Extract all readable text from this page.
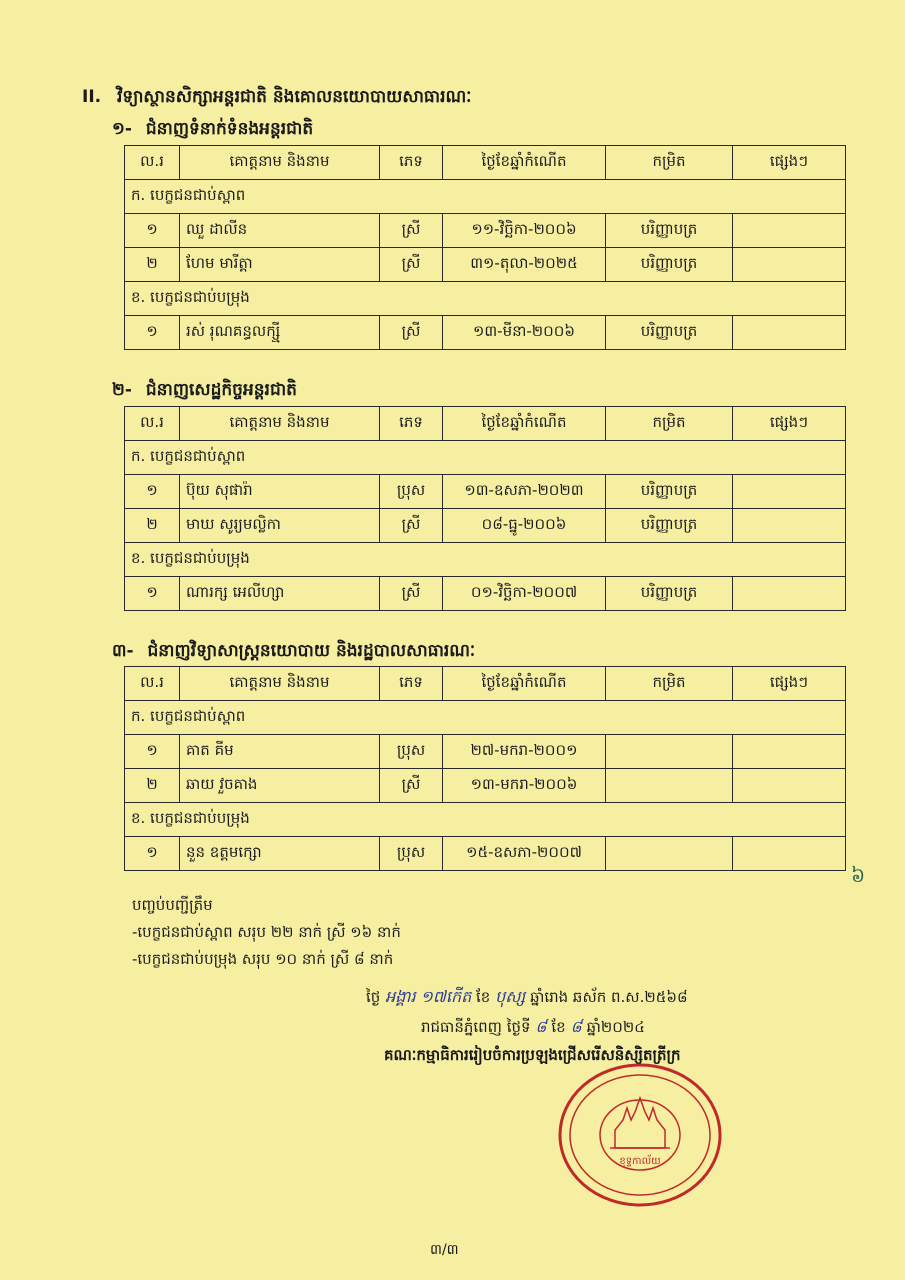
II. វិទ្យាស្ថានសិក្សាអន្តរជាតិ និងគោលនយោបាយសាធារណៈ
១- ជំនាញទំនាក់ទំនងអន្តរជាតិ
ល.រ	គោត្តនាម និងនាម	ភេទ	ថ្ងៃខែឆ្នាំកំណើត	កម្រិត	ផ្សេងៗ
ក. បេក្ខជនជាប់ស្ពាព					
១	ឈួ ដាលីន	ស្រី	១១-វិច្ឆិកា-២០០៦	បរិញ្ញាបត្រ	
២	ហែម មារីត្តា	ស្រី	៣១-តុលា-២០២៥	បរិញ្ញាបត្រ	
ខ. បេក្ខជនជាប់បម្រុង					
១	រស់ រុណគន្ធលក្ស្មី	ស្រី	១៣-មីនា-២០០៦	បរិញ្ញាបត្រ	
២- ជំនាញសេដ្ឋកិច្ចអន្តរជាតិ
ល.រ	គោត្តនាម និងនាម	ភេទ	ថ្ងៃខែឆ្នាំកំណើត	កម្រិត	ផ្សេងៗ
ក. បេក្ខជនជាប់ស្ពាព					
១	ប៊ុយ សុផារ៉ា	ប្រុស	១៣-ឧសភា-២០២៣	បរិញ្ញាបត្រ	
២	មាឃ សូរ្យមល្លិកា	ស្រី	០៨-ធ្នូ-២០០៦	បរិញ្ញាបត្រ	
ខ. បេក្ខជនជាប់បម្រុង					
១	ណារក្ស អេលីហ្សា	ស្រី	០១-វិច្ឆិកា-២០០៧	បរិញ្ញាបត្រ	
៣- ជំនាញវិទ្យាសាស្ត្រនយោបាយ និងរដ្ឋបាលសាធារណៈ
ល.រ	គោត្តនាម និងនាម	ភេទ	ថ្ងៃខែឆ្នាំកំណើត	កម្រិត	ផ្សេងៗ
ក. បេក្ខជនជាប់ស្ពាព					
១	គាត គីម	ប្រុស	២៧-មករា-២០០១		
២	ឆាយ វួចគាង	ស្រី	១៣-មករា-២០០៦		
ខ. បេក្ខជនជាប់បម្រុង					
១	នួន ឧត្តមក្សោ	ប្រុស	១៥-ឧសភា-២០០៧		
៦
បញ្ចប់បញ្ជីត្រឹម
-បេក្ខជនជាប់ស្ពាព សរុប ២២ នាក់ ស្រី ១៦ នាក់
-បេក្ខជនជាប់បម្រុង សរុប ១០ នាក់ ស្រី ៨ នាក់
ថ្ងៃ អង្គារ ១៧កើត ខែ បុស្ស ឆ្នាំរោង ឆស័ក ព.ស.២៥៦៨
រាជធានីភ្នំពេញ ថ្ងៃទី ៨ ខែ ៨ ឆ្នាំ២០២៤
គណៈកម្មាធិការរៀបចំការប្រឡងជ្រើសរើសនិស្សិតត្រីក្រ
ខុទ្ទកាល័យ
៣/៣
